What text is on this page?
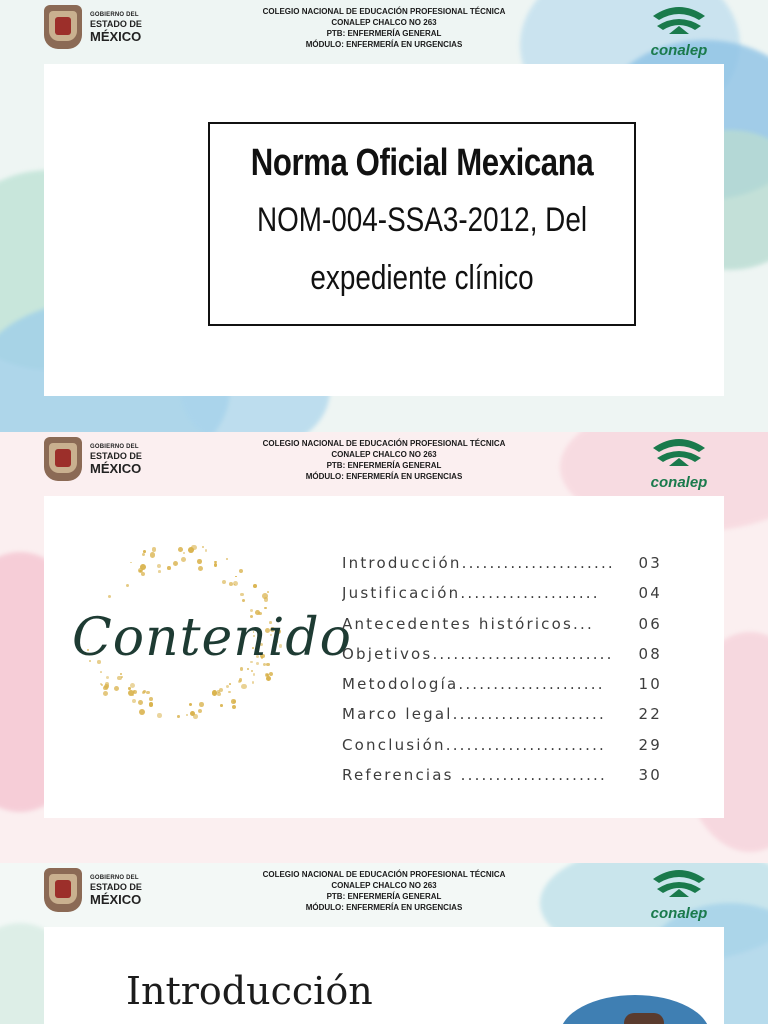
GOBIERNO DEL
ESTADO DE
MÉXICO
COLEGIO NACIONAL DE EDUCACIÓN PROFESIONAL TÉCNICA
CONALEP CHALCO NO 263
PTB: ENFERMERÍA GENERAL
MÓDULO: ENFERMERÍA EN URGENCIAS	conalep
Norma Oficial Mexicana
NOM-004-SSA3-2012, Del
expediente clínico
GOBIERNO DEL
ESTADO DE
MÉXICO
COLEGIO NACIONAL DE EDUCACIÓN PROFESIONAL TÉCNICA
CONALEP CHALCO NO 263
PTB: ENFERMERÍA GENERAL
MÓDULO: ENFERMERÍA EN URGENCIAS	conalep
Contenido
Introducción...................... 03
Justificación....................	04
Antecedentes históricos...	06
Objetivos.......................... 08
Metodología..................... 10
Marco legal...................... 22
Conclusión....................... 29
Referencias ..................... 30
GOBIERNO DEL
ESTADO DE
MÉXICO
COLEGIO NACIONAL DE EDUCACIÓN PROFESIONAL TÉCNICA
CONALEP CHALCO NO 263
PTB: ENFERMERÍA GENERAL
MÓDULO: ENFERMERÍA EN URGENCIAS	conalep
Introducción
